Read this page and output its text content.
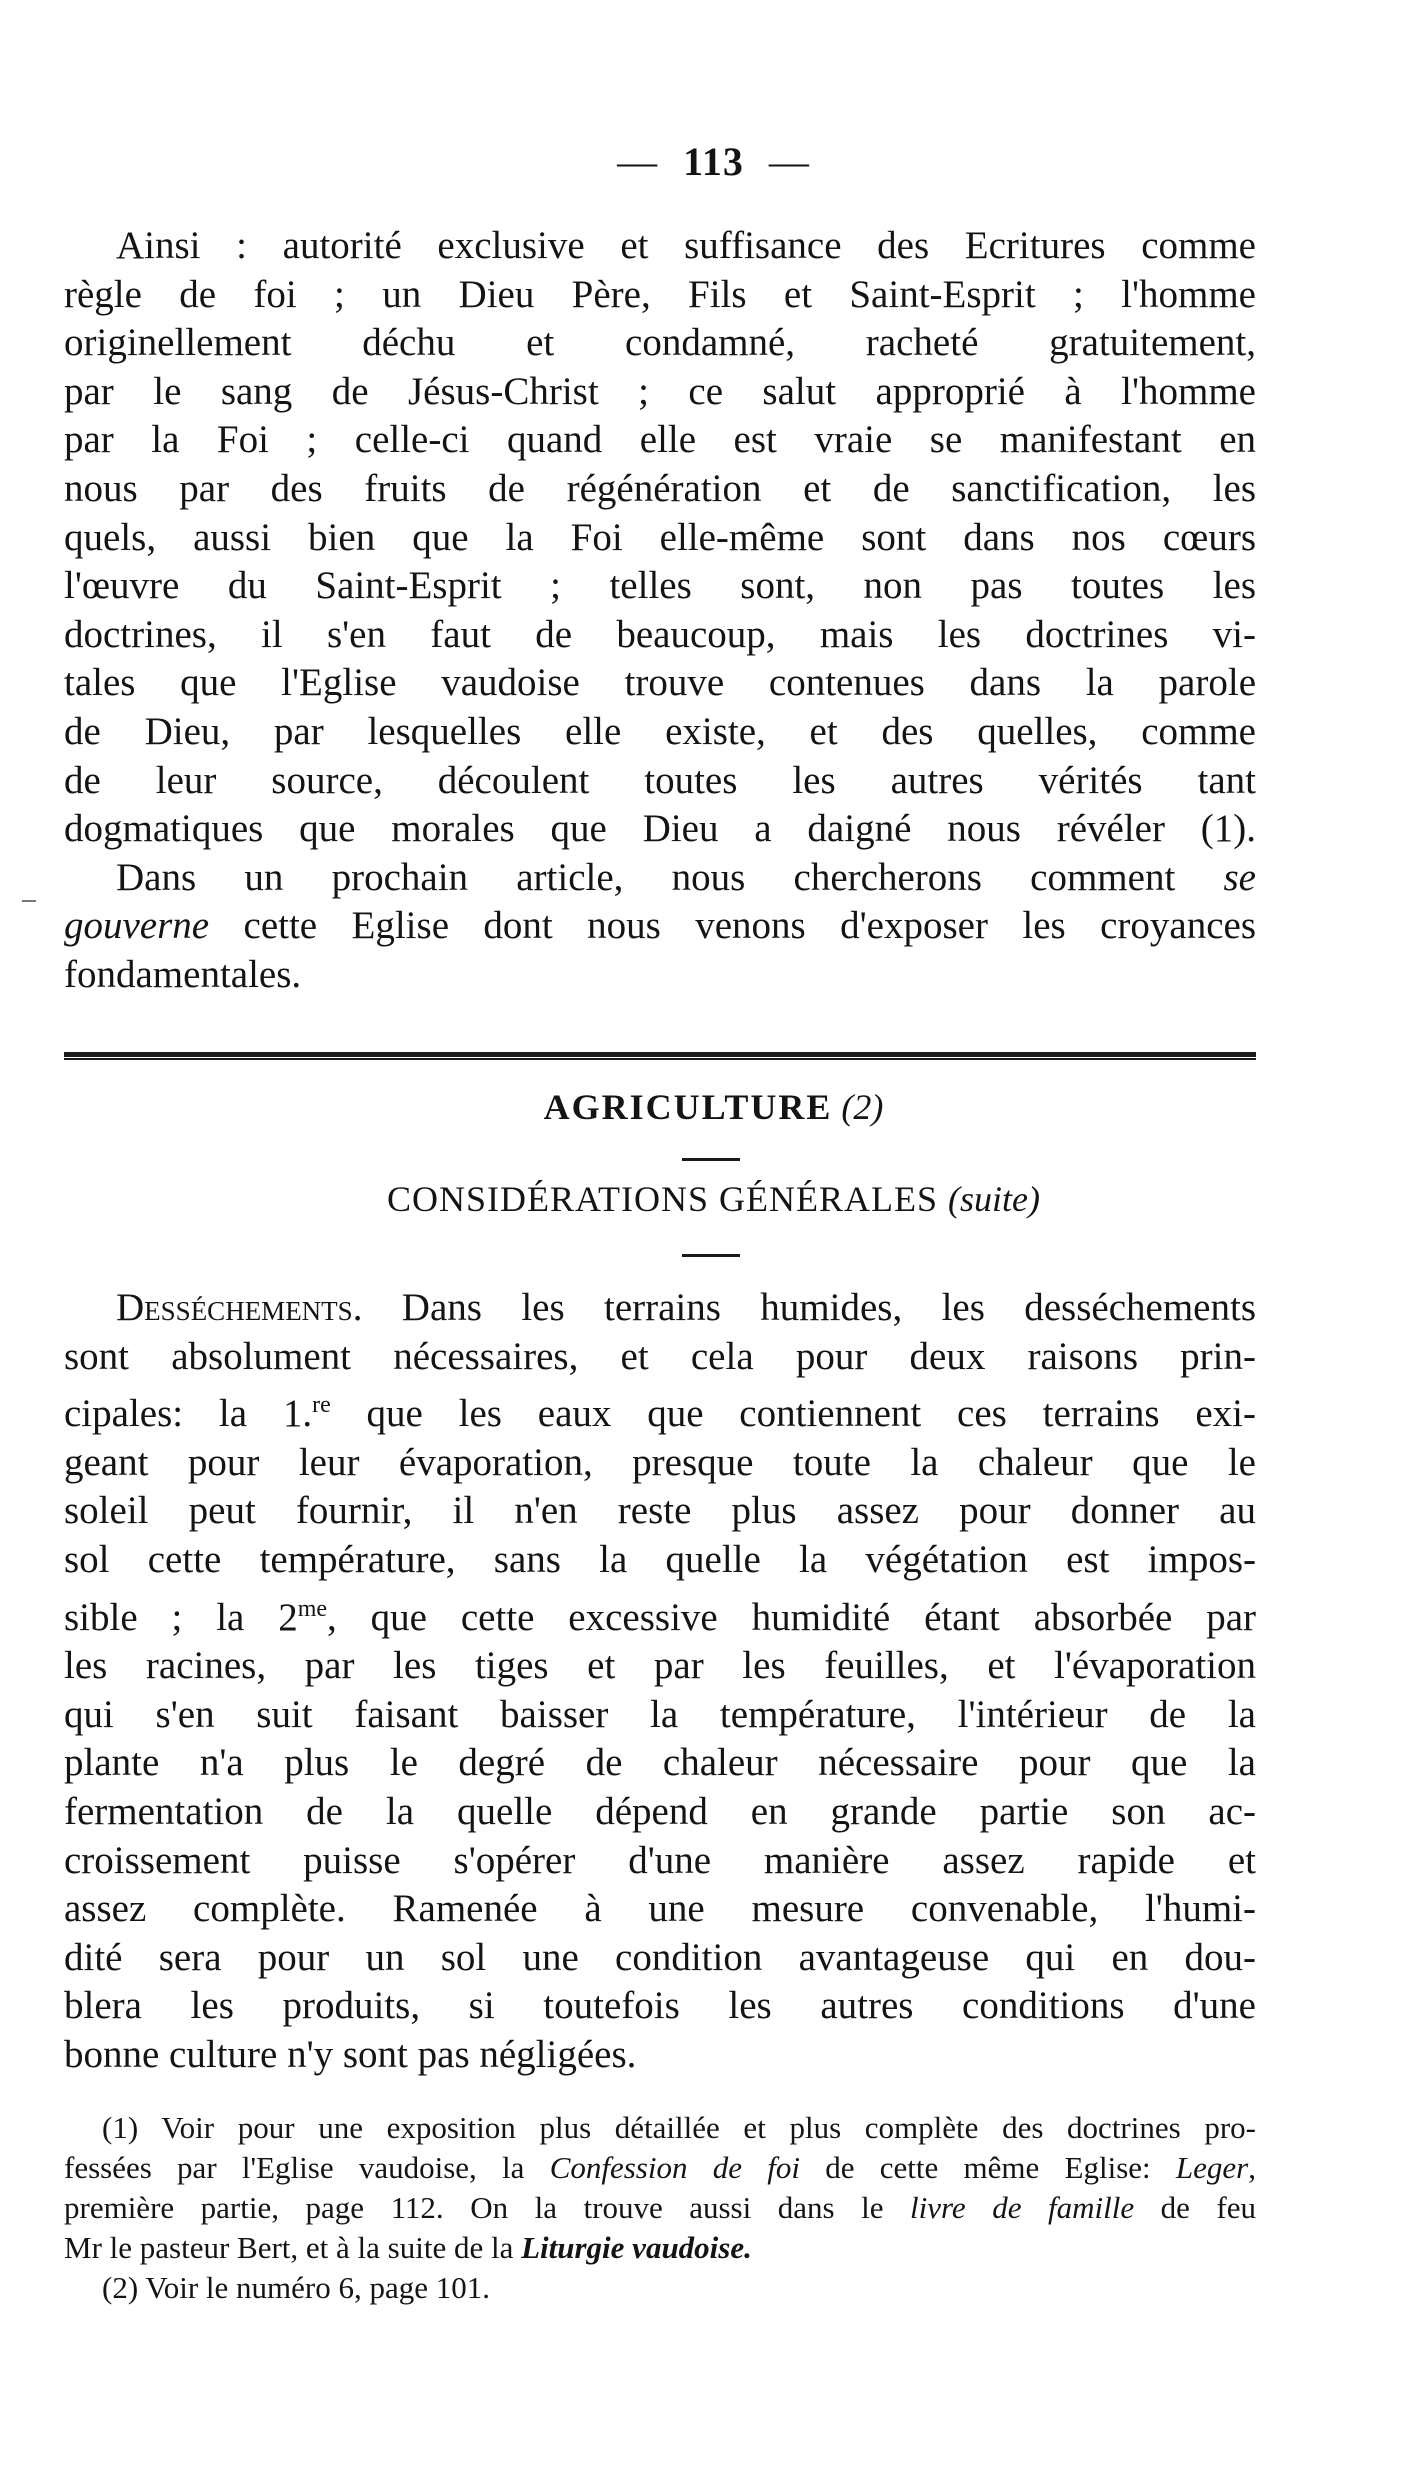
— 113 —
Ainsi : autorité exclusive et suffisance des Ecritures comme
règle de foi ; un Dieu Père, Fils et Saint-Esprit ; l'homme
originellement déchu et condamné, racheté gratuitement,
par le sang de Jésus-Christ ; ce salut approprié à l'homme
par la Foi ; celle-ci quand elle est vraie se manifestant en
nous par des fruits de régénération et de sanctification, les
quels, aussi bien que la Foi elle-même sont dans nos cœurs
l'œuvre du Saint-Esprit ; telles sont, non pas toutes les
doctrines, il s'en faut de beaucoup, mais les doctrines vi-
tales que l'Eglise vaudoise trouve contenues dans la parole
de Dieu, par lesquelles elle existe, et des quelles, comme
de leur source, découlent toutes les autres vérités tant
dogmatiques que morales que Dieu a daigné nous révéler (1).
Dans un prochain article, nous chercherons comment se
gouverne cette Eglise dont nous venons d'exposer les croyances
fondamentales.
AGRICULTURE (2)
CONSIDÉRATIONS GÉNÉRALES (suite)
Desséchements. Dans les terrains humides, les desséchements
sont absolument nécessaires, et cela pour deux raisons prin-
cipales: la 1.$^{re}$ que les eaux que contiennent ces terrains exi-
geant pour leur évaporation, presque toute la chaleur que le
soleil peut fournir, il n'en reste plus assez pour donner au
sol cette température, sans la quelle la végétation est impos-
sible ; la $2^{me}$, que cette excessive humidité étant absorbée par
les racines, par les tiges et par les feuilles, et l'évaporation
qui s'en suit faisant baisser la température, l'intérieur de la
plante n'a plus le degré de chaleur nécessaire pour que la
fermentation de la quelle dépend en grande partie son ac-
croissement puisse s'opérer d'une manière assez rapide et
assez complète. Ramenée à une mesure convenable, l'humi-
dité sera pour un sol une condition avantageuse qui en dou-
blera les produits, si toutefois les autres conditions d'une
bonne culture n'y sont pas négligées.
(1) Voir pour une exposition plus détaillée et plus complète des doctrines pro-
fessées par l'Eglise vaudoise, la Confession de foi de cette même Eglise: Leger,
première partie, page 112. On la trouve aussi dans le livre de famille de feu
Mr le pasteur Bert, et à la suite de la Liturgie vaudoise.
(2) Voir le numéro 6, page 101.
